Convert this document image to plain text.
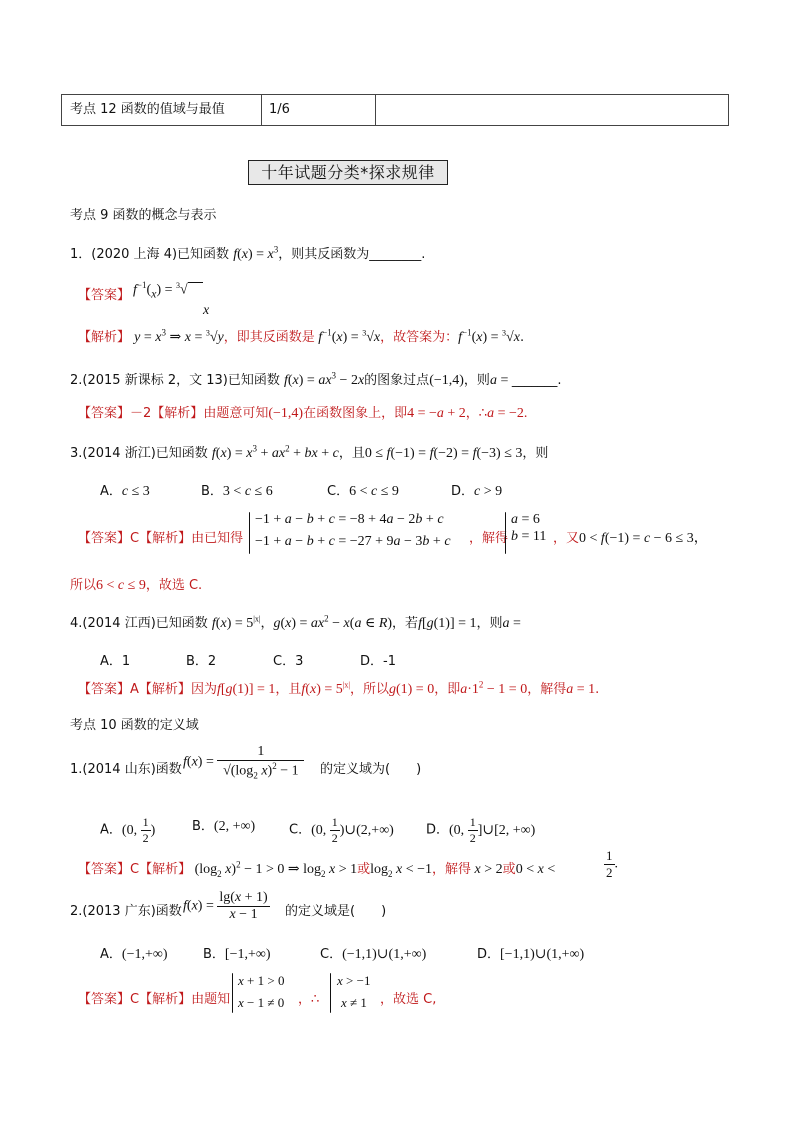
考点 12 函数的值域与最值	1/6
十年试题分类*探求规律
考点 9 函数的概念与表示
1．(2020 上海 4)已知函数 $f(x) = x^3$，则其反函数为________.
【答案】 $f^{-1}(_x) = ^3√$
x
【解析】 $y = x^3$ ⇒ x = $^3$√y，即其反函数是 $f^{-1}(x) = ^3√x$，故答案为：$f^{-1}(x) = ^3√x$.
2.(2015 新课标 2，文 13)已知函数 $f(x) = ax^3 - 2x$的图象过点(−1,4)，则a = _______.
【答案】－2【解析】由题意可知(−1,4)在函数图象上，即4 = −a + 2，∴a = −2.
3.(2014 浙江)已知函数 $f(x) = x^3 + ax^2$ + bx + c，且0 ≤ f(−1) = f(−2) = f(−3) ≤ 3，则
A．c ≤ 3	B．3 < c ≤ 6	C．6 < c ≤ 9	D．c > 9
【答案】C【解析】由已知得
−1 + a − b + c = −8 + 4a − 2b + c
−1 + a − b + c = −27 + 9a − 3b + c ，解得
a = 6
b = 11 ，又0 < f(−1) = c − 6 ≤ 3，
所以6 < c ≤ 9，故选 C.
4.(2014 江西)已知函数 $f(x) = 5^{|x|}$，$g(x) = ax^2 - x(a$ ∈ R)，若f[g(1)] = 1，则a =
A．1	B．2	C．3	D．-1
【答案】A【解析】因为f[g(1)] = 1，且$f(x) = 5^{|x|}$，所以g(1) = 0，即$a\cdot 1^2 - 1 = 0$，解得a = 1.
考点 10 函数的定义域
1.(2014 山东)函数
$f(x) = \frac{1}{√(\log_2 x)^2 - 1}$ 的定义域为(　　)
A．(0, $\frac{1}{2}$ )	B．(2, +∞)	C．(0, $\frac{1}{2}$ )∪(2,+∞) D．(0, $\frac{1}{2}$ ]∪[2, +∞)
【答案】C【解析】 ($\log_2$ x)$^2$ − 1 > 0 ⇒ $\log_2 x > 1$或$\log_2 x < -1$，解得 x > 2或0 < x <	$\frac{1}{2}$ .
2.(2013 广东)函数 $f(x) = \frac{\lg(x + 1)}{x - 1}$ 的定义域是(　　)
A．(−1,+∞)	B．[−1,+∞)	C．(−1,1)∪(1,+∞)	D．[−1,1)∪(1,+∞)
【答案】C【解析】由题知
x + 1 > 0
x − 1 ≠ 0 ，∴
x > −1
x ≠ 1 ，故选 C,
